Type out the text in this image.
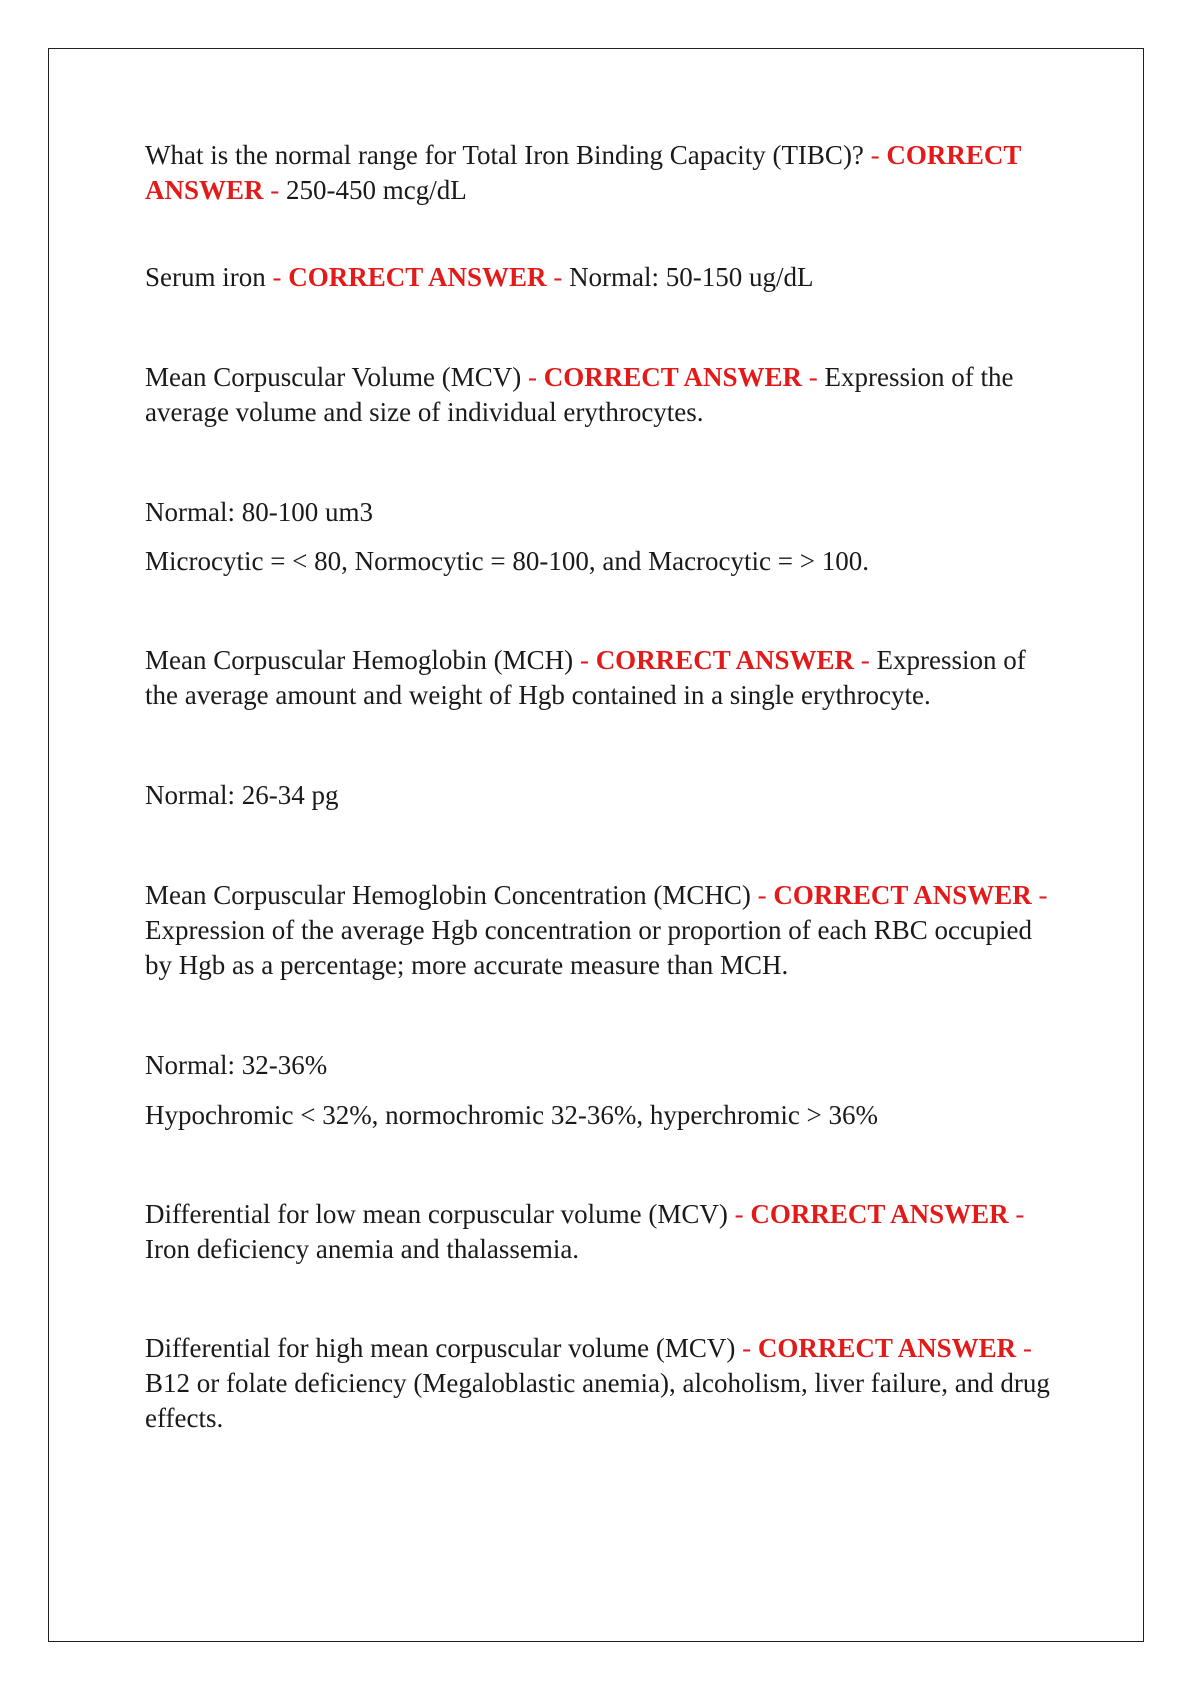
What is the normal range for Total Iron Binding Capacity (TIBC)? - CORRECT ANSWER - 250-450 mcg/dL

Serum iron - CORRECT ANSWER - Normal: 50-150 ug/dL

Mean Corpuscular Volume (MCV) - CORRECT ANSWER - Expression of the average volume and size of individual erythrocytes.

Normal: 80-100 um3

Microcytic = < 80, Normocytic = 80-100, and Macrocytic = > 100.

Mean Corpuscular Hemoglobin (MCH) - CORRECT ANSWER - Expression of the average amount and weight of Hgb contained in a single erythrocyte.

Normal: 26-34 pg

Mean Corpuscular Hemoglobin Concentration (MCHC) - CORRECT ANSWER - Expression of the average Hgb concentration or proportion of each RBC occupied by Hgb as a percentage; more accurate measure than MCH.

Normal: 32-36%

Hypochromic < 32%, normochromic 32-36%, hyperchromic > 36%

Differential for low mean corpuscular volume (MCV) - CORRECT ANSWER - Iron deficiency anemia and thalassemia.

Differential for high mean corpuscular volume (MCV) - CORRECT ANSWER - B12 or folate deficiency (Megaloblastic anemia), alcoholism, liver failure, and drug effects.
